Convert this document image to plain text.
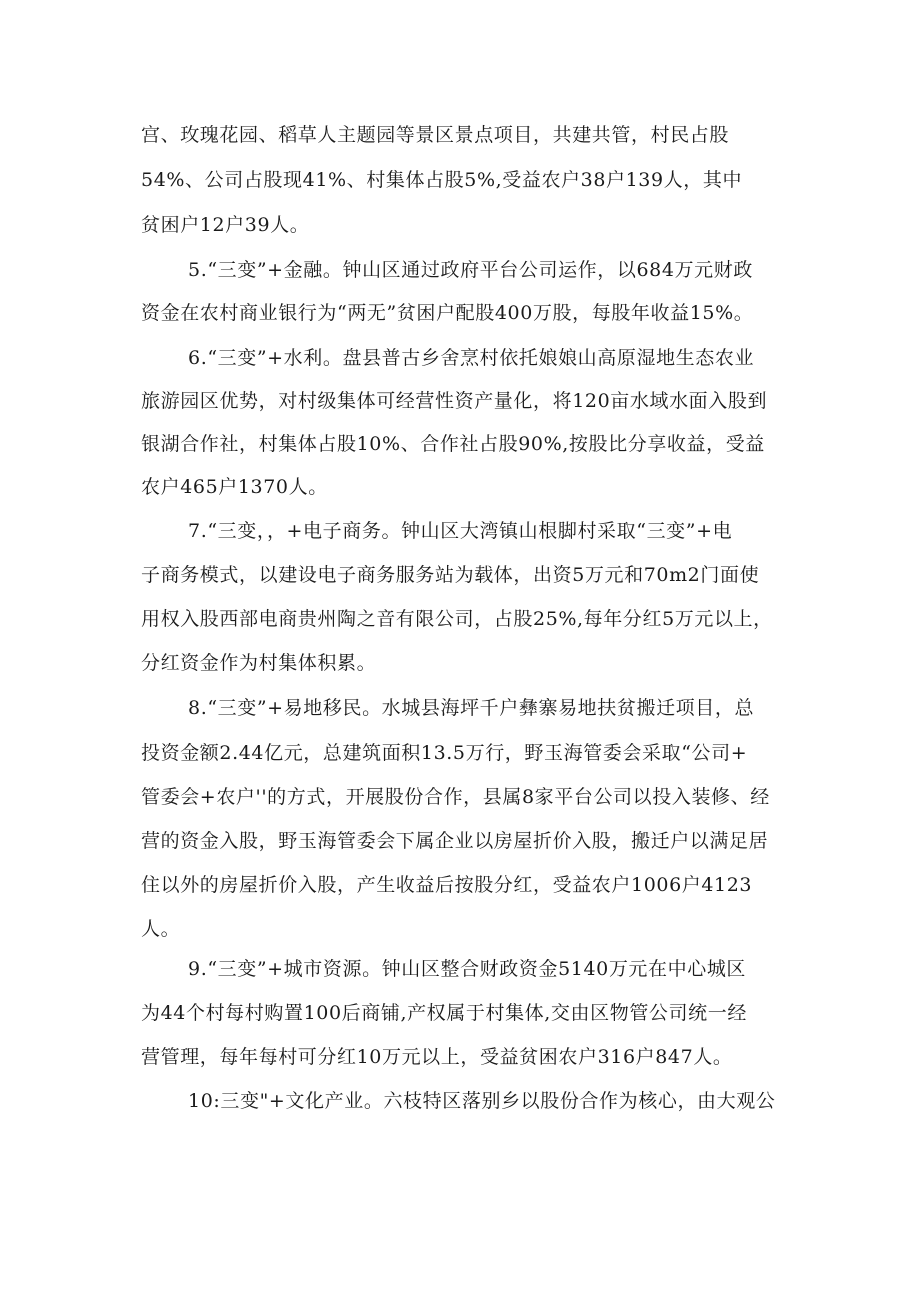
宫、玫瑰花园、稻草人主题园等景区景点项目，共建共管，村民占股
54%、公司占股现41%、村集体占股5%,受益农户38户139人，其中
贫困户12户39人。
5.“三变”+金融。钟山区通过政府平台公司运作，以684万元财政
资金在农村商业银行为“两无”贫困户配股400万股，每股年收益15%。
6.“三变”+水利。盘县普古乡舍烹村依托娘娘山高原湿地生态农业
旅游园区优势，对村级集体可经营性资产量化，将120亩水域水面入股到
银湖合作社，村集体占股10%、合作社占股90%,按股比分享收益，受益
农户465户1370人。
7.“三变，，+电子商务。钟山区大湾镇山根脚村采取“三变”+电
子商务模式，以建设电子商务服务站为载体，出资5万元和70m2门面使
用权入股西部电商贵州陶之音有限公司，占股25%,每年分红5万元以上，
分红资金作为村集体积累。
8.“三变”+易地移民。水城县海坪千户彝寨易地扶贫搬迁项目，总
投资金额2.44亿元，总建筑面积13.5万行，野玉海管委会采取“公司+
管委会+农户''的方式，开展股份合作，县属8家平台公司以投入装修、经
营的资金入股，野玉海管委会下属企业以房屋折价入股，搬迁户以满足居
住以外的房屋折价入股，产生收益后按股分红，受益农户1006户4123
人。
9.“三变”+城市资源。钟山区整合财政资金5140万元在中心城区
为44个村每村购置100后商铺,产权属于村集体,交由区物管公司统一经
营管理，每年每村可分红10万元以上，受益贫困农户316户847人。
10:三变"+文化产业。六枝特区落别乡以股份合作为核心，由大观公
